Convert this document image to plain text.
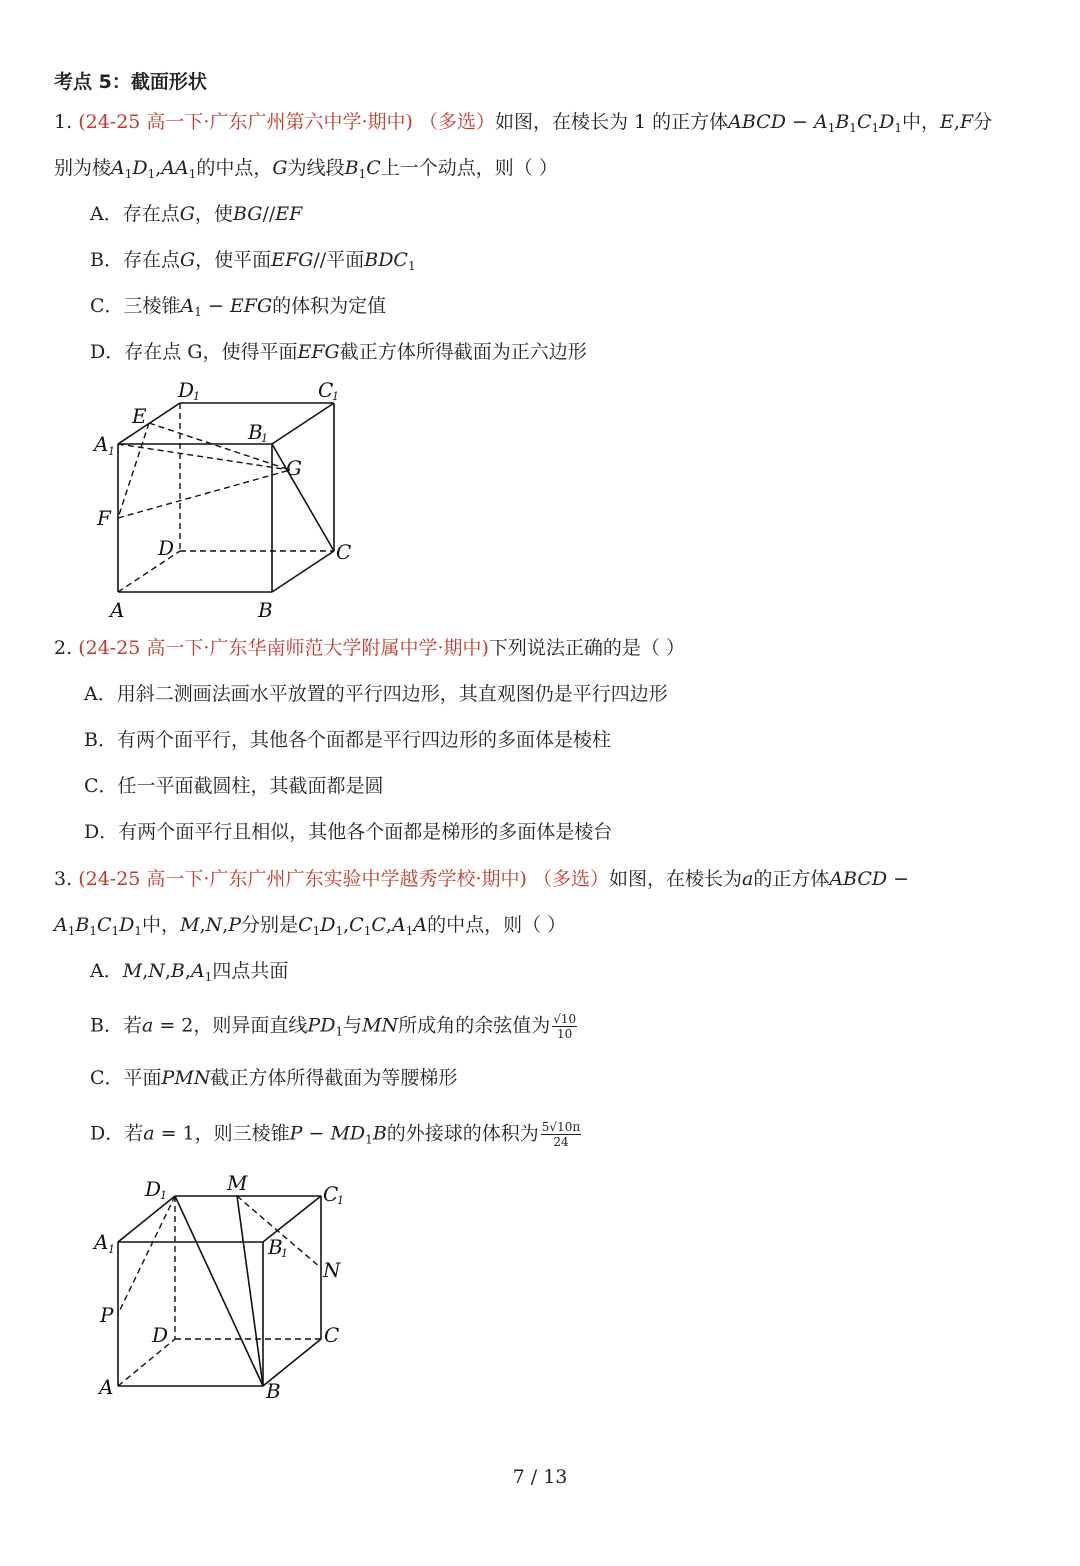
考点 5：截面形状
1. (24-25 高一下·广东广州第六中学·期中) （多选）如图，在棱长为 1 的正方体ABCD − $A_1B_1C_1D_1$中，E,F分
别为棱$A_1D_1,AA_1$的中点，G为线段$B_1C$上一个动点，则（ ）
A．存在点G，使BG//EF
B．存在点G，使平面EFG//平面$BDC_1$
C．三棱锥$A_1$ − EFG的体积为定值
D．存在点 G，使得平面EFG截正方体所得截面为正六边形
D
1	C
1
E
B
1
A 1
G
F
D	C
A	B
2. (24-25 高一下·广东华南师范大学附属中学·期中)下列说法正确的是（ ）
A．用斜二测画法画水平放置的平行四边形，其直观图仍是平行四边形
B．有两个面平行，其他各个面都是平行四边形的多面体是棱柱
C．任一平面截圆柱，其截面都是圆
D．有两个面平行且相似，其他各个面都是梯形的多面体是棱台
3. (24-25 高一下·广东广州广东实验中学越秀学校·期中) （多选）如图，在棱长为a的正方体ABCD −
$A_1B_1C_1D_1$中，M,N,P分别是$C_1D_1,C_1C,A_1A$的中点，则（ ）
A．$M,N,B,A_1$四点共面
B．若a = 2，则异面直线$PD_1$与MN所成角的余弦值为 $\frac{√10}{10}$
C．平面PMN截正方体所得截面为等腰梯形
D．若a = 1，则三棱锥$P - MD_1B$的外接球的体积为 $\frac{5√10\pi}{24}$
D
1
M	C
1
A 1	B
1
N
P
D	C
A	B
7 / 13
